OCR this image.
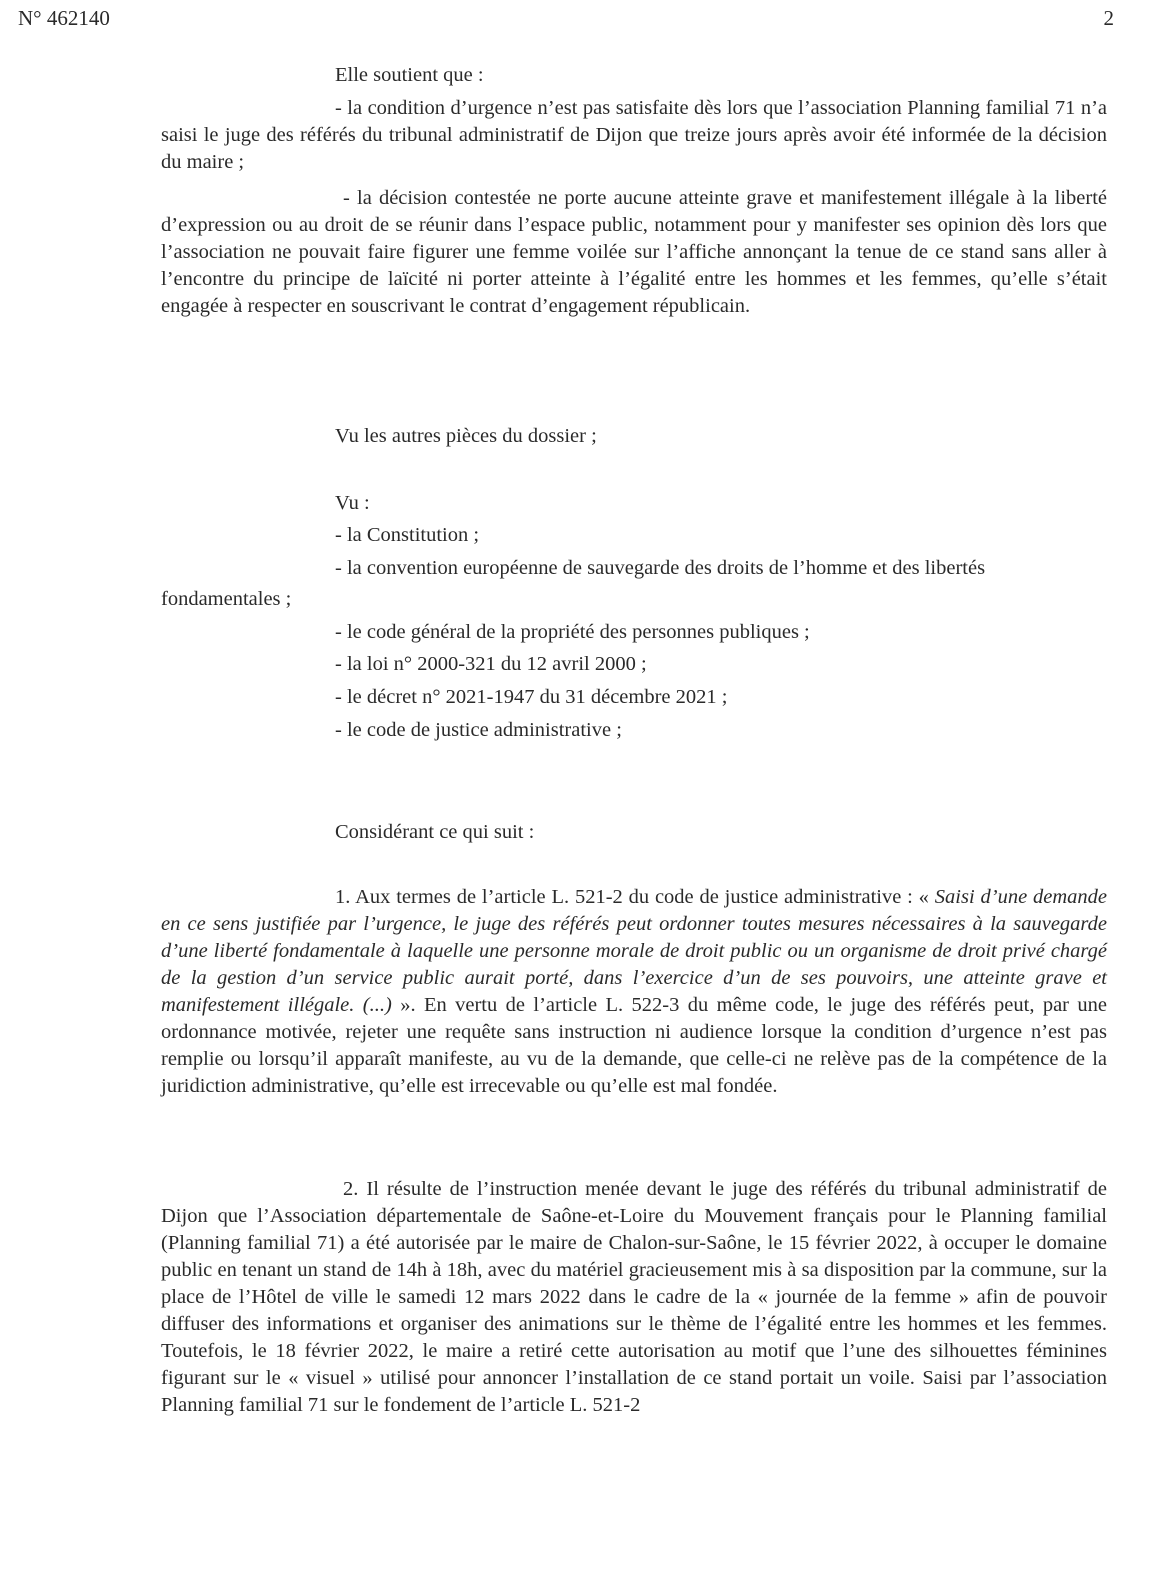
N° 462140	2

Elle soutient que :

- la condition d’urgence n’est pas satisfaite dès lors que l’association Planning familial 71 n’a saisi le juge des référés du tribunal administratif de Dijon que treize jours après avoir été informée de la décision du maire ;

- la décision contestée ne porte aucune atteinte grave et manifestement illégale à la liberté d’expression ou au droit de se réunir dans l’espace public, notamment pour y manifester ses opinion dès lors que l’association ne pouvait faire figurer une femme voilée sur l’affiche annonçant la tenue de ce stand sans aller à l’encontre du principe de laïcité ni porter atteinte à l’égalité entre les hommes et les femmes, qu’elle s’était engagée à respecter en souscrivant le contrat d’engagement républicain.

Vu les autres pièces du dossier ;

Vu :

- la Constitution ;

- la convention européenne de sauvegarde des droits de l’homme et des libertés

fondamentales ;

- le code général de la propriété des personnes publiques ;

- la loi n° 2000-321 du 12 avril 2000 ;

- le décret n° 2021-1947 du 31 décembre 2021 ;

- le code de justice administrative ;

Considérant ce qui suit :

1. Aux termes de l’article L. 521-2 du code de justice administrative : « Saisi d’une demande en ce sens justifiée par l’urgence, le juge des référés peut ordonner toutes mesures nécessaires à la sauvegarde d’une liberté fondamentale à laquelle une personne morale de droit public ou un organisme de droit privé chargé de la gestion d’un service public aurait porté, dans l’exercice d’un de ses pouvoirs, une atteinte grave et manifestement illégale. (...) ». En vertu de l’article L. 522-3 du même code, le juge des référés peut, par une ordonnance motivée, rejeter une requête sans instruction ni audience lorsque la condition d’urgence n’est pas remplie ou lorsqu’il apparaît manifeste, au vu de la demande, que celle-ci ne relève pas de la compétence de la juridiction administrative, qu’elle est irrecevable ou qu’elle est mal fondée.

2. Il résulte de l’instruction menée devant le juge des référés du tribunal administratif de Dijon que l’Association départementale de Saône-et-Loire du Mouvement français pour le Planning familial (Planning familial 71) a été autorisée par le maire de Chalon-sur-Saône, le 15 février 2022, à occuper le domaine public en tenant un stand de 14h à 18h, avec du matériel gracieusement mis à sa disposition par la commune, sur la place de l’Hôtel de ville le samedi 12 mars 2022 dans le cadre de la « journée de la femme » afin de pouvoir diffuser des informations et organiser des animations sur le thème de l’égalité entre les hommes et les femmes. Toutefois, le 18 février 2022, le maire a retiré cette autorisation au motif que l’une des silhouettes féminines figurant sur le « visuel » utilisé pour annoncer l’installation de ce stand portait un voile. Saisi par l’association Planning familial 71 sur le fondement de l’article L. 521-2
